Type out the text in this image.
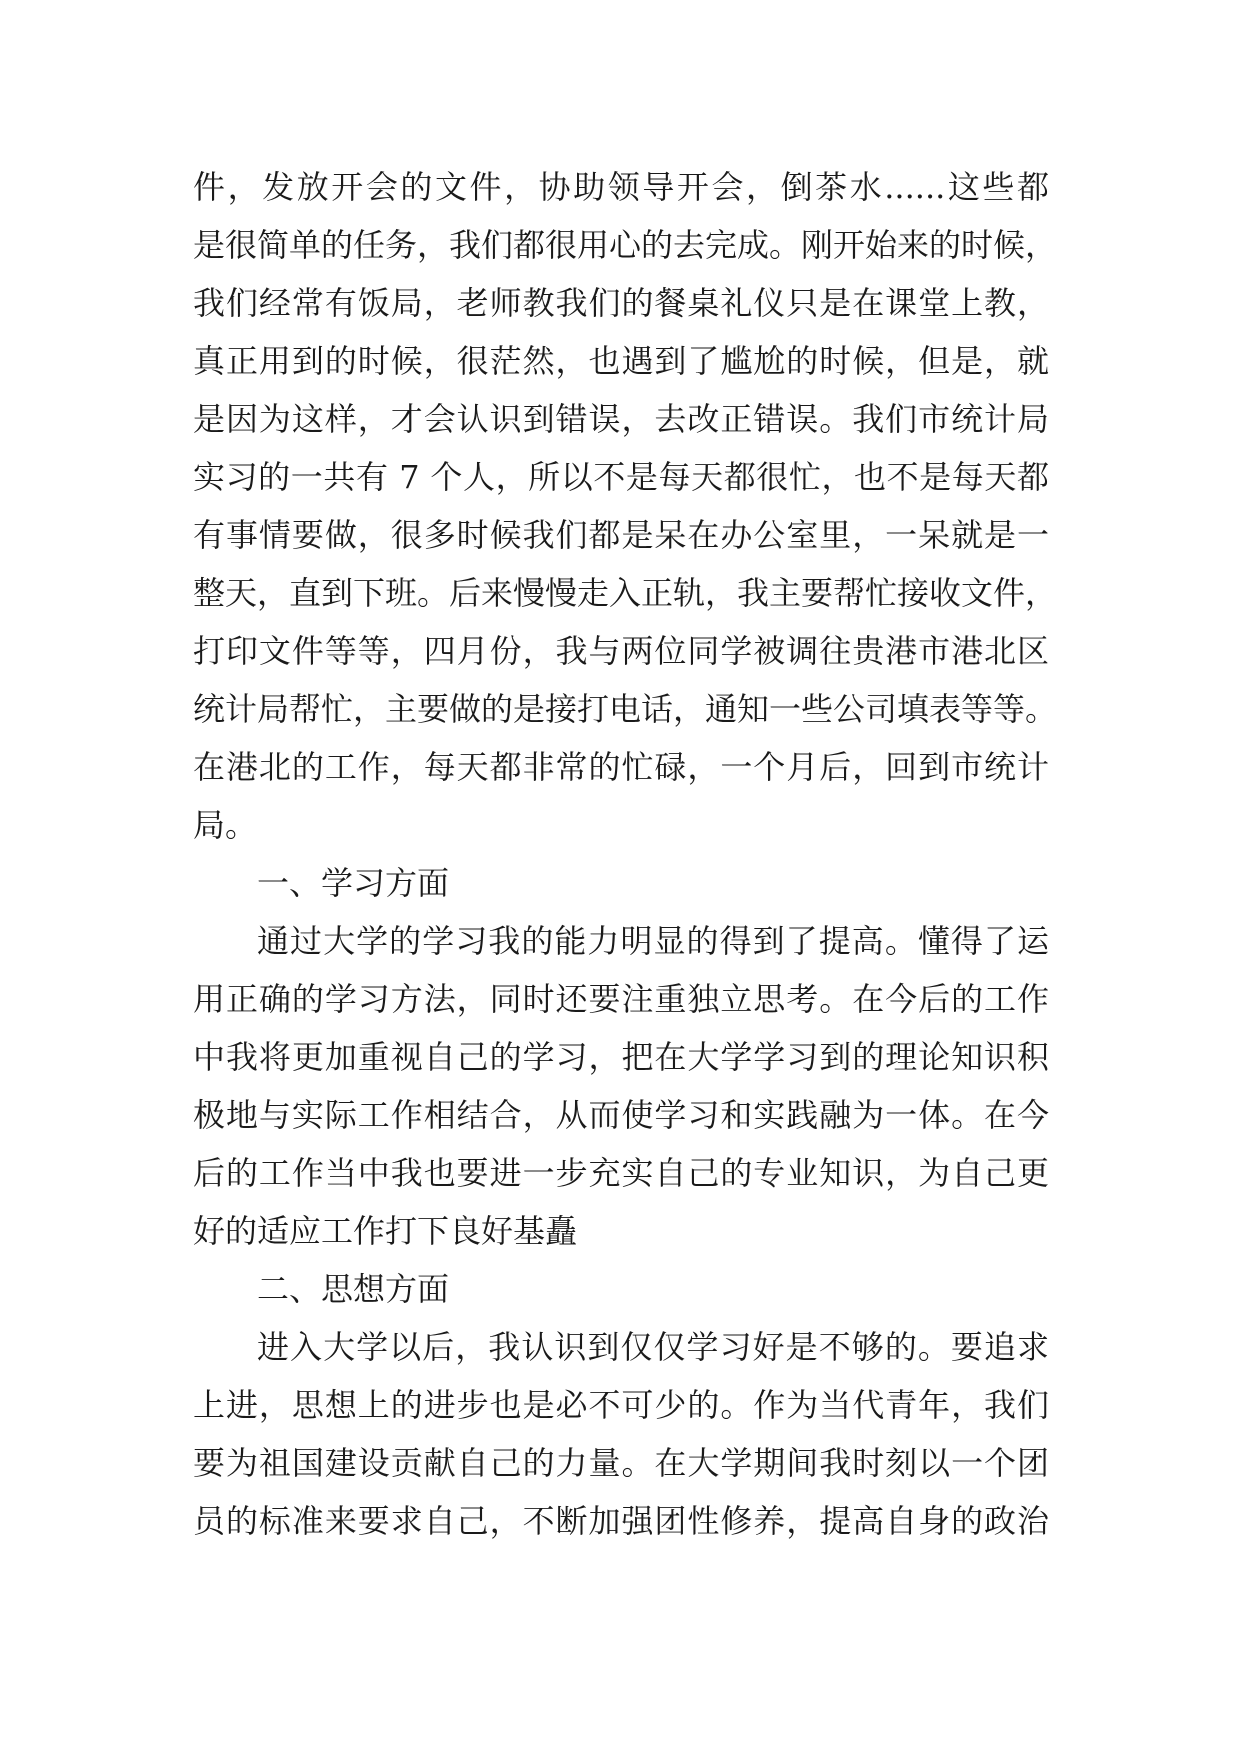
件，发放开会的文件，协助领导开会，倒茶水......这些都
是很简单的任务，我们都很用心的去完成。刚开始来的时候，
我们经常有饭局，老师教我们的餐桌礼仪只是在课堂上教，
真正用到的时候，很茫然，也遇到了尴尬的时候，但是，就
是因为这样，才会认识到错误，去改正错误。我们市统计局
实习的一共有 7 个人，所以不是每天都很忙，也不是每天都
有事情要做，很多时候我们都是呆在办公室里，一呆就是一
整天，直到下班。后来慢慢走入正轨，我主要帮忙接收文件，
打印文件等等，四月份，我与两位同学被调往贵港市港北区
统计局帮忙，主要做的是接打电话，通知一些公司填表等等。
在港北的工作，每天都非常的忙碌，一个月后，回到市统计
局。
一、学习方面
通过大学的学习我的能力明显的得到了提高。懂得了运
用正确的学习方法，同时还要注重独立思考。在今后的工作
中我将更加重视自己的学习，把在大学学习到的理论知识积
极地与实际工作相结合，从而使学习和实践融为一体。在今
后的工作当中我也要进一步充实自己的专业知识，为自己更
好的适应工作打下良好基矗
二、思想方面
进入大学以后，我认识到仅仅学习好是不够的。要追求
上进，思想上的进步也是必不可少的。作为当代青年，我们
要为祖国建设贡献自己的力量。在大学期间我时刻以一个团
员的标准来要求自己，不断加强团性修养，提高自身的政治
